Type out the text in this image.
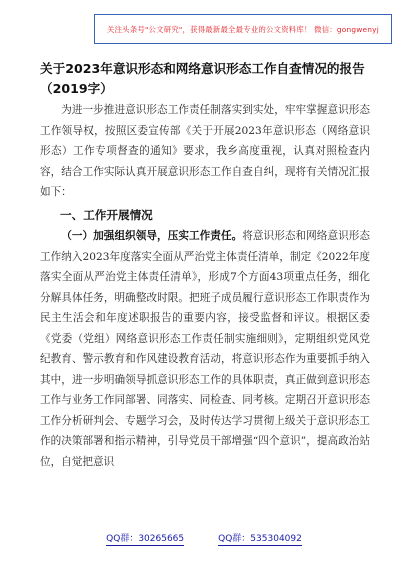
关注头条号"公文研究"，获得最新最全最专业的公文资料库！ 微信：gongwenyj
关于2023年意识形态和网络意识形态工作自查情况的报告
（2019字）

为进一步推进意识形态工作责任制落实到实处，牢牢掌握意识形态工作领导权，按照区委宣传部《关于开展2023年意识形态（网络意识形态）工作专项督查的通知》要求，我乡高度重视，认真对照检查内容，结合工作实际认真开展意识形态工作自查自纠，现将有关情况汇报如下：

一、工作开展情况

（一）加强组织领导，压实工作责任。将意识形态和网络意识形态工作纳入2023年度落实全面从严治党主体责任清单，制定《2022年度落实全面从严治党主体责任清单》，形成7个方面43项重点任务，细化分解具体任务，明确整改时限。把班子成员履行意识形态工作职责作为民主生活会和年度述职报告的重要内容，接受监督和评议。根据区委《党委（党组）网络意识形态工作责任制实施细则》，定期组织党风党纪教育、警示教育和作风建设教育活动，将意识形态作为重要抓手纳入其中，进一步明确领导抓意识形态工作的具体职责，真正做到意识形态工作与业务工作同部署、同落实、同检查、同考核。定期召开意识形态工作分析研判会、专题学习会，及时传达学习贯彻上级关于意识形态工作的决策部署和指示精神，引导党员干部增强“四个意识”，提高政治站位，自觉把意识

QQ群：30265665	QQ群：535304092
